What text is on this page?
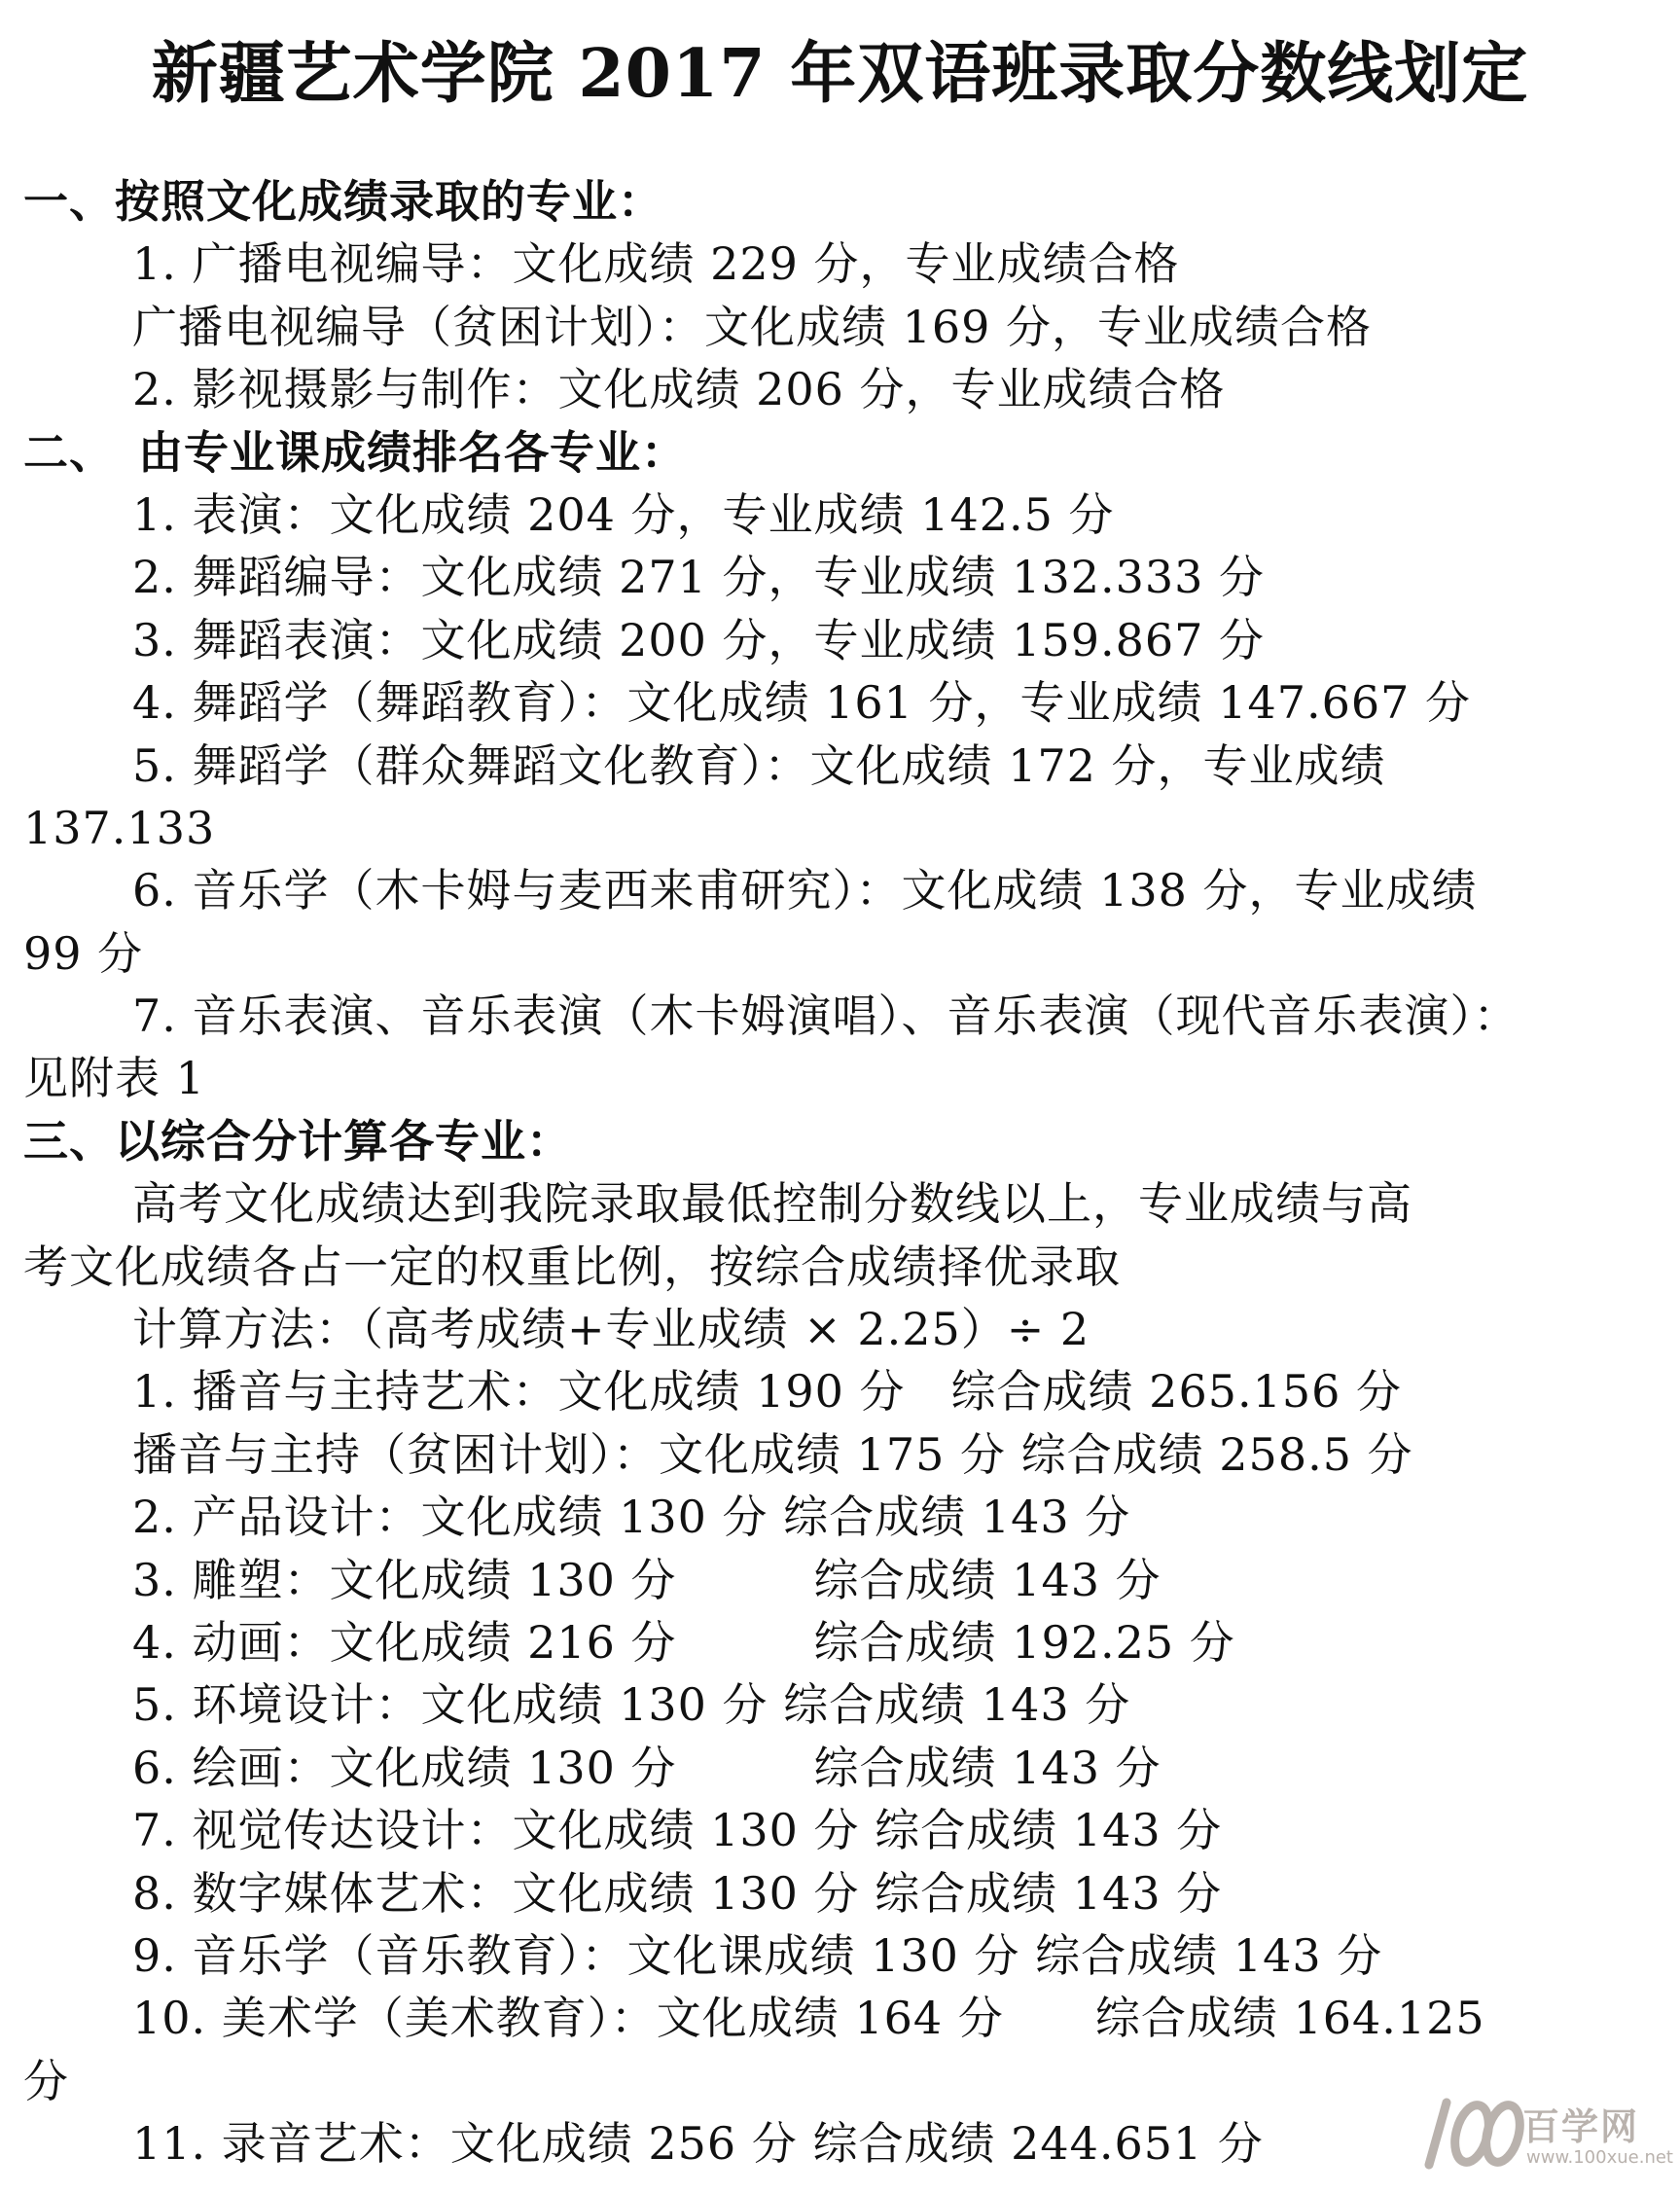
新疆艺术学院 2017 年双语班录取分数线划定
一、按照文化成绩录取的专业：
1. 广播电视编导：文化成绩 229 分，专业成绩合格
广播电视编导（贫困计划）：文化成绩 169 分，专业成绩合格
2. 影视摄影与制作：文化成绩 206 分，专业成绩合格
二、　由专业课成绩排名各专业：
1. 表演：文化成绩 204 分，专业成绩 142.5 分
2. 舞蹈编导：文化成绩 271 分，专业成绩 132.333 分
3. 舞蹈表演：文化成绩 200 分，专业成绩 159.867 分
4. 舞蹈学（舞蹈教育）：文化成绩 161 分，专业成绩 147.667 分
5. 舞蹈学（群众舞蹈文化教育）：文化成绩 172 分，专业成绩
137.133
6. 音乐学（木卡姆与麦西来甫研究）：文化成绩 138 分，专业成绩
99 分
7. 音乐表演、音乐表演（木卡姆演唱）、音乐表演（现代音乐表演）：
见附表 1
三、以综合分计算各专业：
高考文化成绩达到我院录取最低控制分数线以上，专业成绩与高
考文化成绩各占一定的权重比例，按综合成绩择优录取
计算方法：（高考成绩+专业成绩 × 2.25）÷ 2
1. 播音与主持艺术：文化成绩 190 分　综合成绩 265.156 分
播音与主持（贫困计划）：文化成绩 175 分 综合成绩 258.5 分
2. 产品设计：文化成绩 130 分 综合成绩 143 分
3. 雕塑：文化成绩 130 分　　　综合成绩 143 分
4. 动画：文化成绩 216 分　　　综合成绩 192.25 分
5. 环境设计：文化成绩 130 分 综合成绩 143 分
6. 绘画：文化成绩 130 分　　　综合成绩 143 分
7. 视觉传达设计：文化成绩 130 分 综合成绩 143 分
8. 数字媒体艺术：文化成绩 130 分 综合成绩 143 分
9. 音乐学（音乐教育）：文化课成绩 130 分 综合成绩 143 分
10. 美术学（美术教育）：文化成绩 164 分　　综合成绩 164.125
分
11. 录音艺术：文化成绩 256 分 综合成绩 244.651 分	百学网
www.100xue.net
